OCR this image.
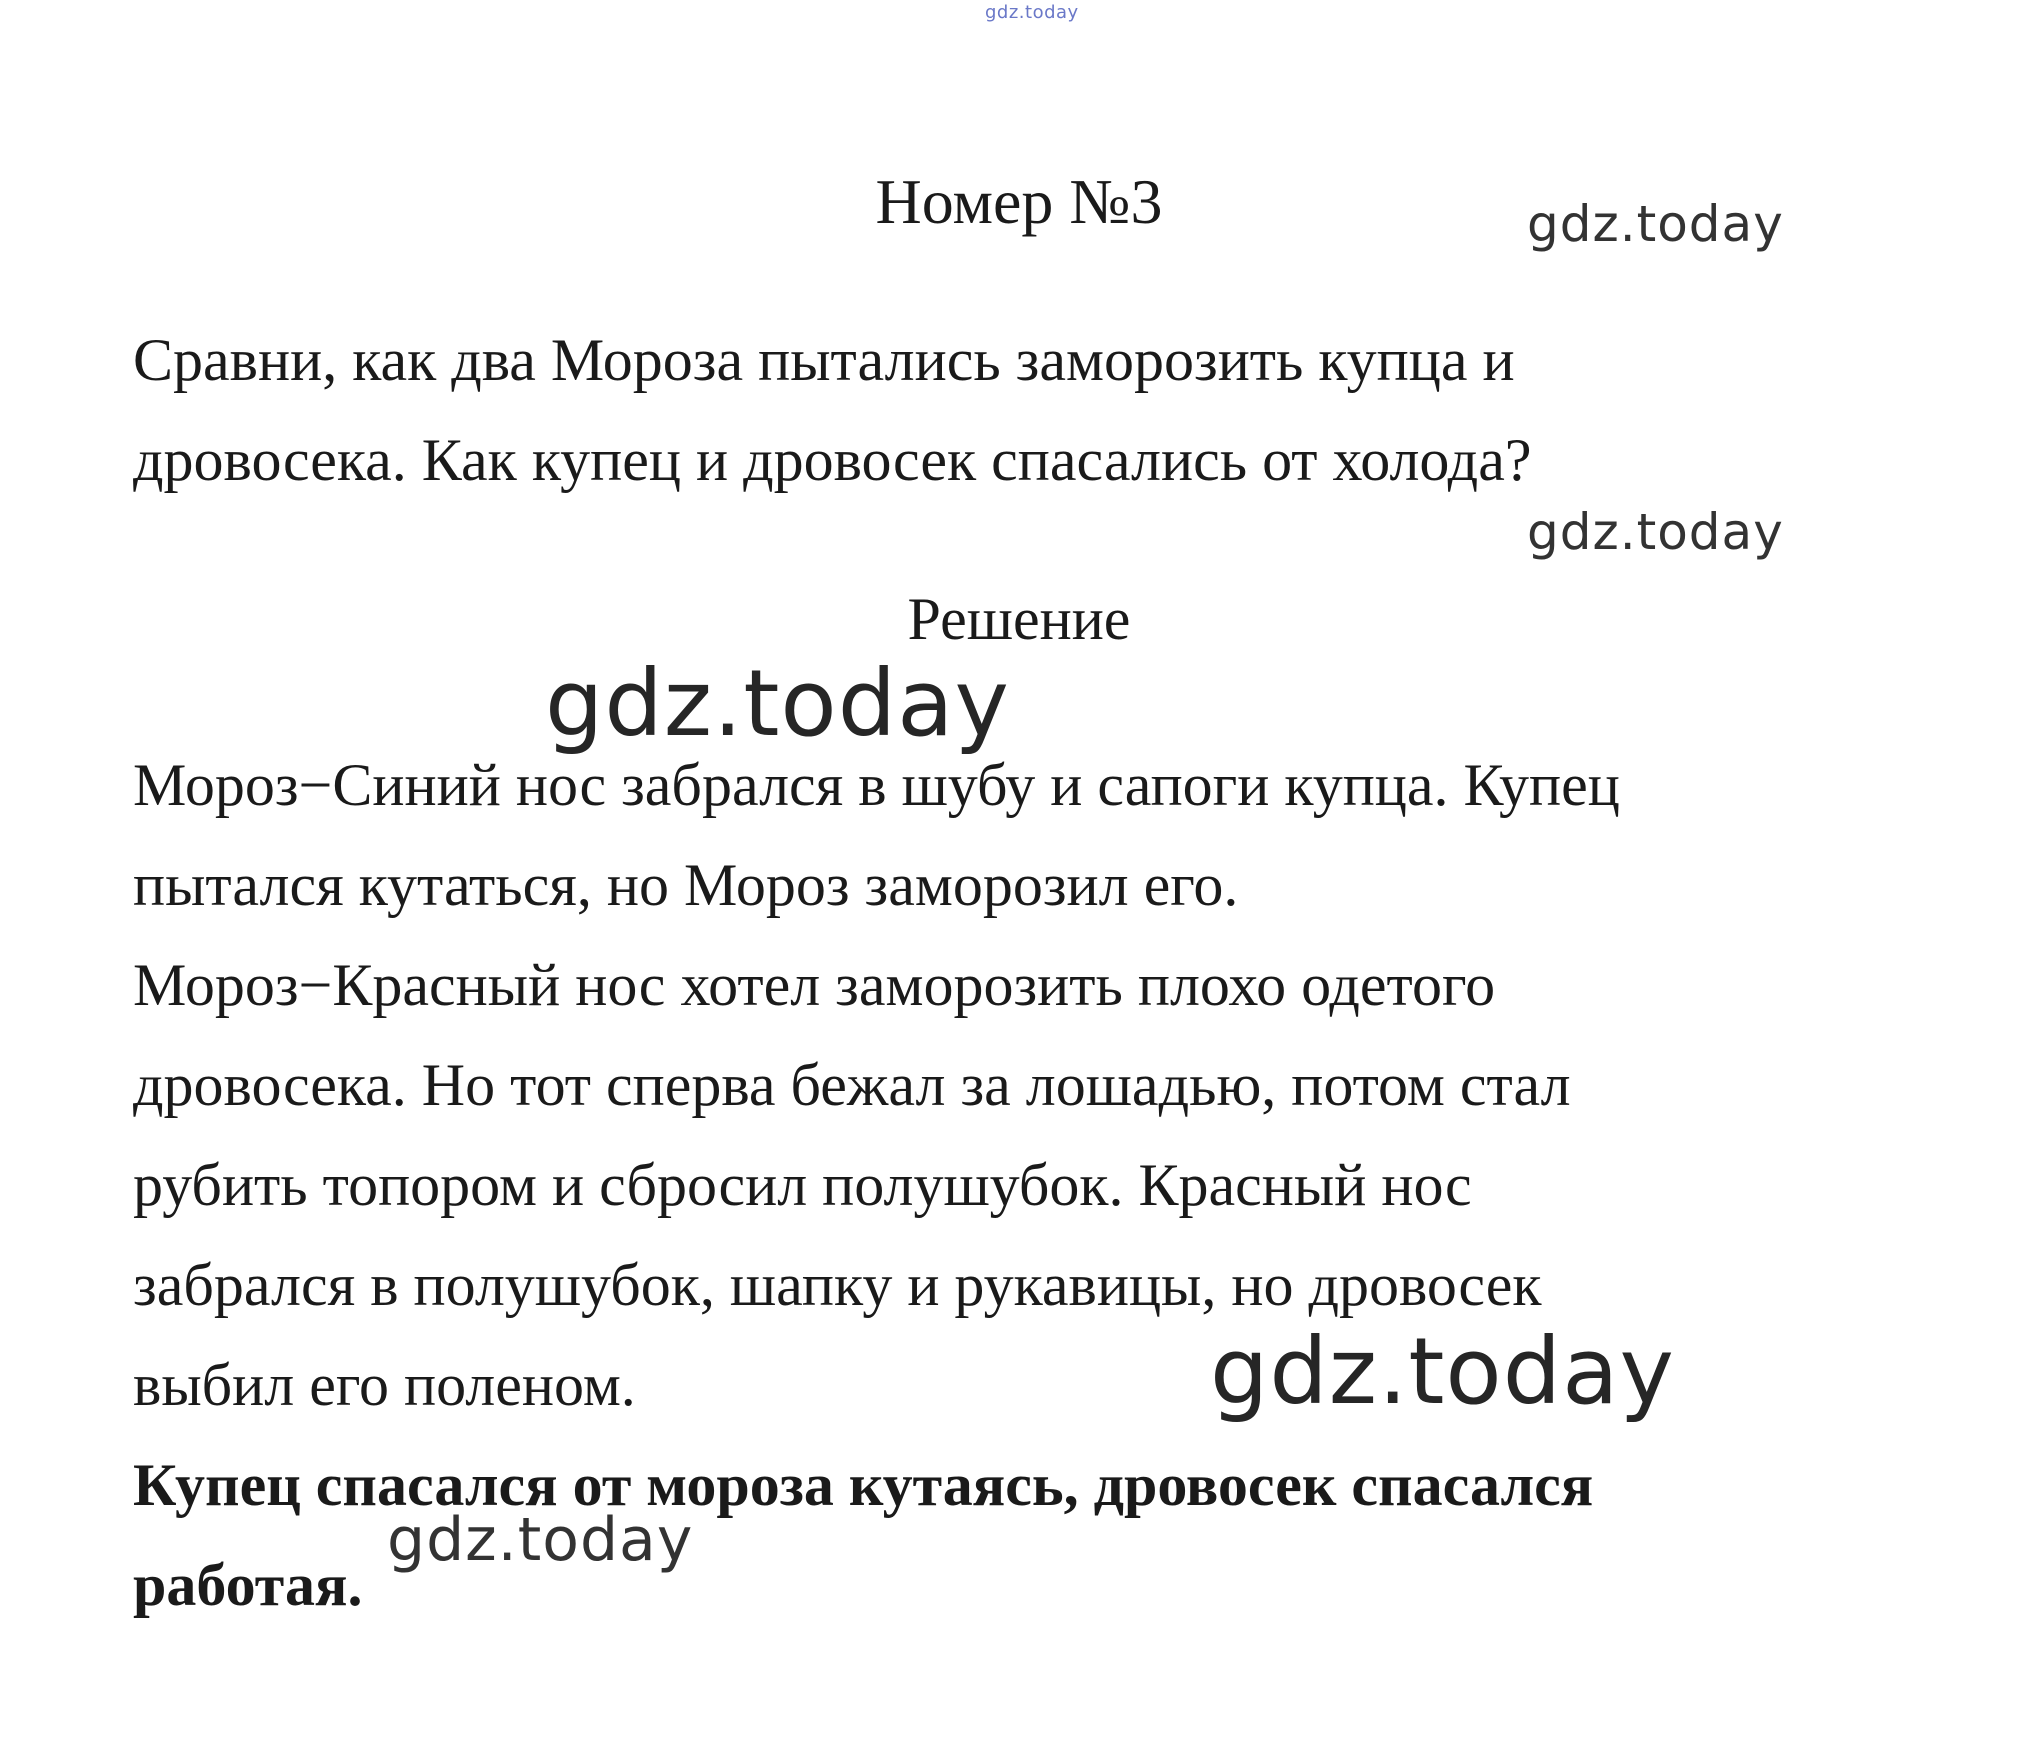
gdz.today
Номер №3

Сравни, как два Мороза пытались заморозить купца и

дровосека. Как купец и дровосек спасались от холода?

Решение

Мороз−Синий нос забрался в шубу и сапоги купца. Купец

пытался кутаться, но Мороз заморозил его.

Мороз−Красный нос хотел заморозить плохо одетого

дровосека. Но тот сперва бежал за лошадью, потом стал

рубить топором и сбросил полушубок. Красный нос

забрался в полушубок, шапку и рукавицы, но дровосек

выбил его поленом.

Купец спасался от мороза кутаясь, дровосек спасался

работая.

gdz.today
gdz.today
gdz.today
gdz.today
gdz.today
